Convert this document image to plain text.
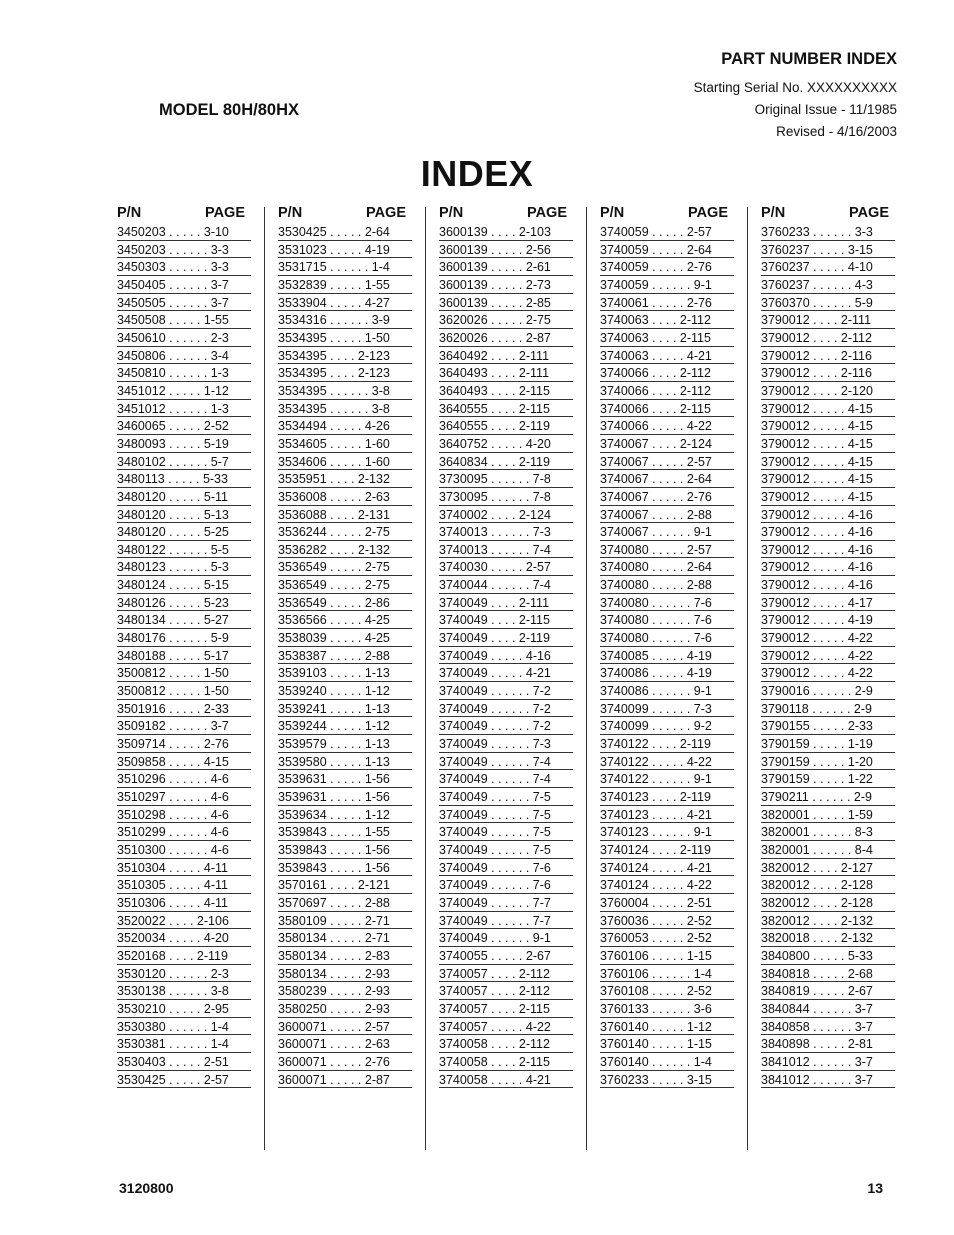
PART NUMBER INDEX
Starting Serial No. XXXXXXXXXX
Original Issue - 11/1985
Revised - 4/16/2003
MODEL 80H/80HX
INDEX
P/N	PAGE
3450203 . . . . . 3-10
3450203 . . . . . . 3-3
3450303 . . . . . . 3-3
3450405 . . . . . . 3-7
3450505 . . . . . . 3-7
3450508 . . . . . 1-55
3450610 . . . . . . 2-3
3450806 . . . . . . 3-4
3450810 . . . . . . 1-3
3451012 . . . . . 1-12
3451012 . . . . . . 1-3
3460065 . . . . . 2-52
3480093 . . . . . 5-19
3480102 . . . . . . 5-7
3480113 . . . . . 5-33
3480120 . . . . . 5-11
3480120 . . . . . 5-13
3480120 . . . . . 5-25
3480122 . . . . . . 5-5
3480123 . . . . . . 5-3
3480124 . . . . . 5-15
3480126 . . . . . 5-23
3480134 . . . . . 5-27
3480176 . . . . . . 5-9
3480188 . . . . . 5-17
3500812 . . . . . 1-50
3500812 . . . . . 1-50
3501916 . . . . . 2-33
3509182 . . . . . . 3-7
3509714 . . . . . 2-76
3509858 . . . . . 4-15
3510296 . . . . . . 4-6
3510297 . . . . . . 4-6
3510298 . . . . . . 4-6
3510299 . . . . . . 4-6
3510300 . . . . . . 4-6
3510304 . . . . . 4-11
3510305 . . . . . 4-11
3510306 . . . . . 4-11
3520022 . . . . 2-106
3520034 . . . . . 4-20
3520168 . . . . 2-119
3530120 . . . . . . 2-3
3530138 . . . . . . 3-8
3530210 . . . . . 2-95
3530380 . . . . . . 1-4
3530381 . . . . . . 1-4
3530403 . . . . . 2-51
3530425 . . . . . 2-57
P/N	PAGE
3530425 . . . . . 2-64
3531023 . . . . . 4-19
3531715 . . . . . . 1-4
3532839 . . . . . 1-55
3533904 . . . . . 4-27
3534316 . . . . . . 3-9
3534395 . . . . . 1-50
3534395 . . . . 2-123
3534395 . . . . 2-123
3534395 . . . . . . 3-8
3534395 . . . . . . 3-8
3534494 . . . . . 4-26
3534605 . . . . . 1-60
3534606 . . . . . 1-60
3535951 . . . . 2-132
3536008 . . . . . 2-63
3536088 . . . . 2-131
3536244 . . . . . 2-75
3536282 . . . . 2-132
3536549 . . . . . 2-75
3536549 . . . . . 2-75
3536549 . . . . . 2-86
3536566 . . . . . 4-25
3538039 . . . . . 4-25
3538387 . . . . . 2-88
3539103 . . . . . 1-13
3539240 . . . . . 1-12
3539241 . . . . . 1-13
3539244 . . . . . 1-12
3539579 . . . . . 1-13
3539580 . . . . . 1-13
3539631 . . . . . 1-56
3539631 . . . . . 1-56
3539634 . . . . . 1-12
3539843 . . . . . 1-55
3539843 . . . . . 1-56
3539843 . . . . . 1-56
3570161 . . . . 2-121
3570697 . . . . . 2-88
3580109 . . . . . 2-71
3580134 . . . . . 2-71
3580134 . . . . . 2-83
3580134 . . . . . 2-93
3580239 . . . . . 2-93
3580250 . . . . . 2-93
3600071 . . . . . 2-57
3600071 . . . . . 2-63
3600071 . . . . . 2-76
3600071 . . . . . 2-87
P/N	PAGE
3600139 . . . . 2-103
3600139 . . . . . 2-56
3600139 . . . . . 2-61
3600139 . . . . . 2-73
3600139 . . . . . 2-85
3620026 . . . . . 2-75
3620026 . . . . . 2-87
3640492 . . . . 2-111
3640493 . . . . 2-111
3640493 . . . . 2-115
3640555 . . . . 2-115
3640555 . . . . 2-119
3640752 . . . . . 4-20
3640834 . . . . 2-119
3730095 . . . . . . 7-8
3730095 . . . . . . 7-8
3740002 . . . . 2-124
3740013 . . . . . . 7-3
3740013 . . . . . . 7-4
3740030 . . . . . 2-57
3740044 . . . . . . 7-4
3740049 . . . . 2-111
3740049 . . . . 2-115
3740049 . . . . 2-119
3740049 . . . . . 4-16
3740049 . . . . . 4-21
3740049 . . . . . . 7-2
3740049 . . . . . . 7-2
3740049 . . . . . . 7-2
3740049 . . . . . . 7-3
3740049 . . . . . . 7-4
3740049 . . . . . . 7-4
3740049 . . . . . . 7-5
3740049 . . . . . . 7-5
3740049 . . . . . . 7-5
3740049 . . . . . . 7-5
3740049 . . . . . . 7-6
3740049 . . . . . . 7-6
3740049 . . . . . . 7-7
3740049 . . . . . . 7-7
3740049 . . . . . . 9-1
3740055 . . . . . 2-67
3740057 . . . . 2-112
3740057 . . . . 2-112
3740057 . . . . 2-115
3740057 . . . . . 4-22
3740058 . . . . 2-112
3740058 . . . . 2-115
3740058 . . . . . 4-21
P/N	PAGE
3740059 . . . . . 2-57
3740059 . . . . . 2-64
3740059 . . . . . 2-76
3740059 . . . . . . 9-1
3740061 . . . . . 2-76
3740063 . . . . 2-112
3740063 . . . . 2-115
3740063 . . . . . 4-21
3740066 . . . . 2-112
3740066 . . . . 2-112
3740066 . . . . 2-115
3740066 . . . . . 4-22
3740067 . . . . 2-124
3740067 . . . . . 2-57
3740067 . . . . . 2-64
3740067 . . . . . 2-76
3740067 . . . . . 2-88
3740067 . . . . . . 9-1
3740080 . . . . . 2-57
3740080 . . . . . 2-64
3740080 . . . . . 2-88
3740080 . . . . . . 7-6
3740080 . . . . . . 7-6
3740080 . . . . . . 7-6
3740085 . . . . . 4-19
3740086 . . . . . 4-19
3740086 . . . . . . 9-1
3740099 . . . . . . 7-3
3740099 . . . . . . 9-2
3740122 . . . . 2-119
3740122 . . . . . 4-22
3740122 . . . . . . 9-1
3740123 . . . . 2-119
3740123 . . . . . 4-21
3740123 . . . . . . 9-1
3740124 . . . . 2-119
3740124 . . . . . 4-21
3740124 . . . . . 4-22
3760004 . . . . . 2-51
3760036 . . . . . 2-52
3760053 . . . . . 2-52
3760106 . . . . . 1-15
3760106 . . . . . . 1-4
3760108 . . . . . 2-52
3760133 . . . . . . 3-6
3760140 . . . . . 1-12
3760140 . . . . . 1-15
3760140 . . . . . . 1-4
3760233 . . . . . 3-15
P/N	PAGE
3760233 . . . . . . 3-3
3760237 . . . . . 3-15
3760237 . . . . . 4-10
3760237 . . . . . . 4-3
3760370 . . . . . . 5-9
3790012 . . . . 2-111
3790012 . . . . 2-112
3790012 . . . . 2-116
3790012 . . . . 2-116
3790012 . . . . 2-120
3790012 . . . . . 4-15
3790012 . . . . . 4-15
3790012 . . . . . 4-15
3790012 . . . . . 4-15
3790012 . . . . . 4-15
3790012 . . . . . 4-15
3790012 . . . . . 4-16
3790012 . . . . . 4-16
3790012 . . . . . 4-16
3790012 . . . . . 4-16
3790012 . . . . . 4-16
3790012 . . . . . 4-17
3790012 . . . . . 4-19
3790012 . . . . . 4-22
3790012 . . . . . 4-22
3790012 . . . . . 4-22
3790016 . . . . . . 2-9
3790118 . . . . . . 2-9
3790155 . . . . . 2-33
3790159 . . . . . 1-19
3790159 . . . . . 1-20
3790159 . . . . . 1-22
3790211 . . . . . . 2-9
3820001 . . . . . 1-59
3820001 . . . . . . 8-3
3820001 . . . . . . 8-4
3820012 . . . . 2-127
3820012 . . . . 2-128
3820012 . . . . 2-128
3820012 . . . . 2-132
3820018 . . . . 2-132
3840800 . . . . . 5-33
3840818 . . . . . 2-68
3840819 . . . . . 2-67
3840844 . . . . . . 3-7
3840858 . . . . . . 3-7
3840898 . . . . . 2-81
3841012 . . . . . . 3-7
3841012 . . . . . . 3-7
3120800	13
